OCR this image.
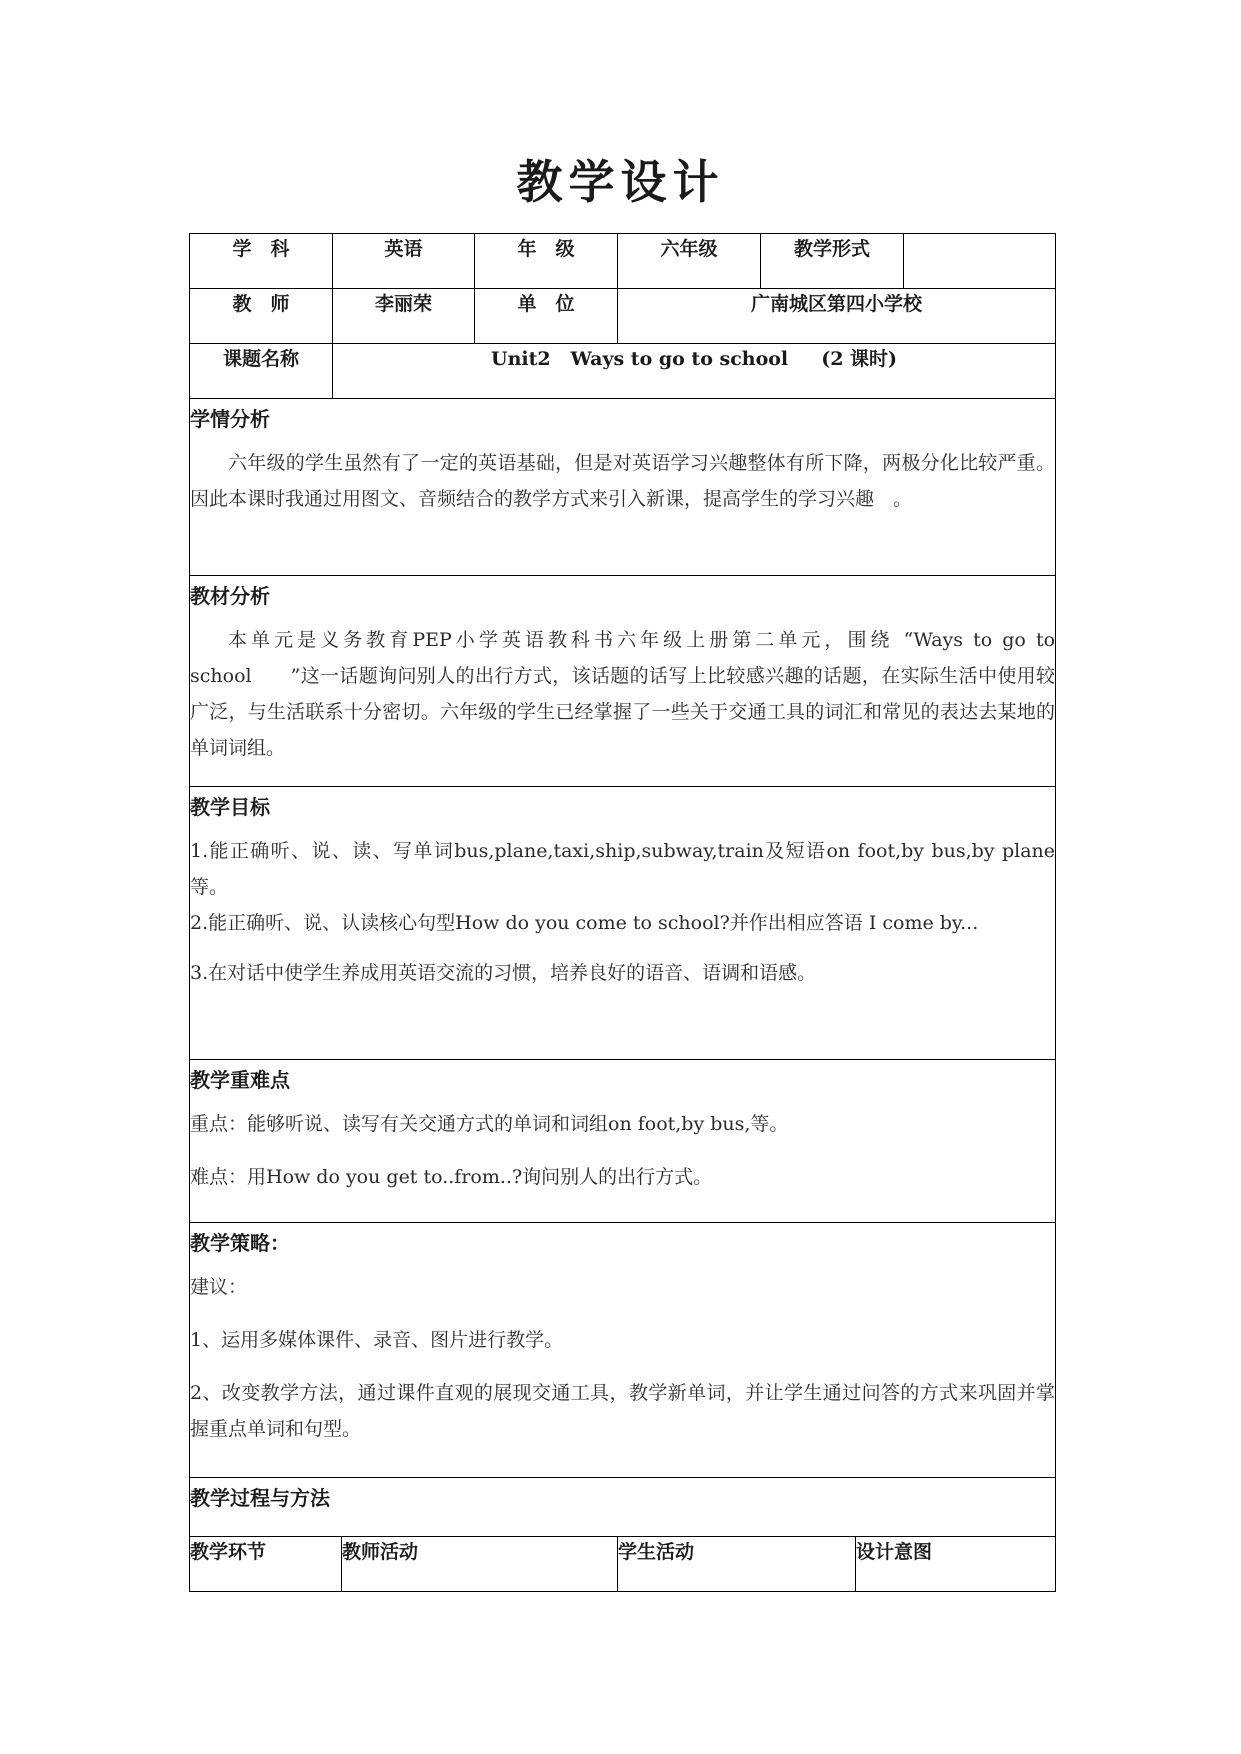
教学设计
学　科	英语		年　级	六年级	教学形式		
教　师	李丽荣		单　位	广南城区第四小学校			
课题名称	Unit2   Ways to go to school     (2 课时)						

学情分析
六年级的学生虽然有了一定的英语基础，但是对英语学习兴趣整体有所下降，两极分化比较严重。因此本课时我通过用图文、音频结合的教学方式来引入新课，提高学生的学习兴趣　。							

教材分析
本单元是义务教育PEP小学英语教科书六年级上册第二单元，围绕 “Ways to go to school　　”这一话题询问别人的出行方式，该话题的话写上比较感兴趣的话题，在实际生活中使用较广泛，与生活联系十分密切。六年级的学生已经掌握了一些关于交通工具的词汇和常见的表达去某地的单词词组。							

教学目标
1.能正确听、说、读、写单词bus,plane,taxi,ship,subway,train及短语on foot,by bus,by plane等。
2.能正确听、说、认读核心句型How do you come to school?并作出相应答语 I come by...
3.在对话中使学生养成用英语交流的习惯，培养良好的语音、语调和语感。							

教学重难点
重点：能够听说、读写有关交通方式的单词和词组on foot,by bus,等。
难点：用How do you get to..from..?询问别人的出行方式。							

教学策略：
建议：
1、运用多媒体课件、录音、图片进行教学。
2、改变教学方法，通过课件直观的展现交通工具，教学新单词，并让学生通过问答的方式来巩固并掌握重点单词和句型。							

教学过程与方法							

教学环节		教师活动		学生活动		设计意图	
